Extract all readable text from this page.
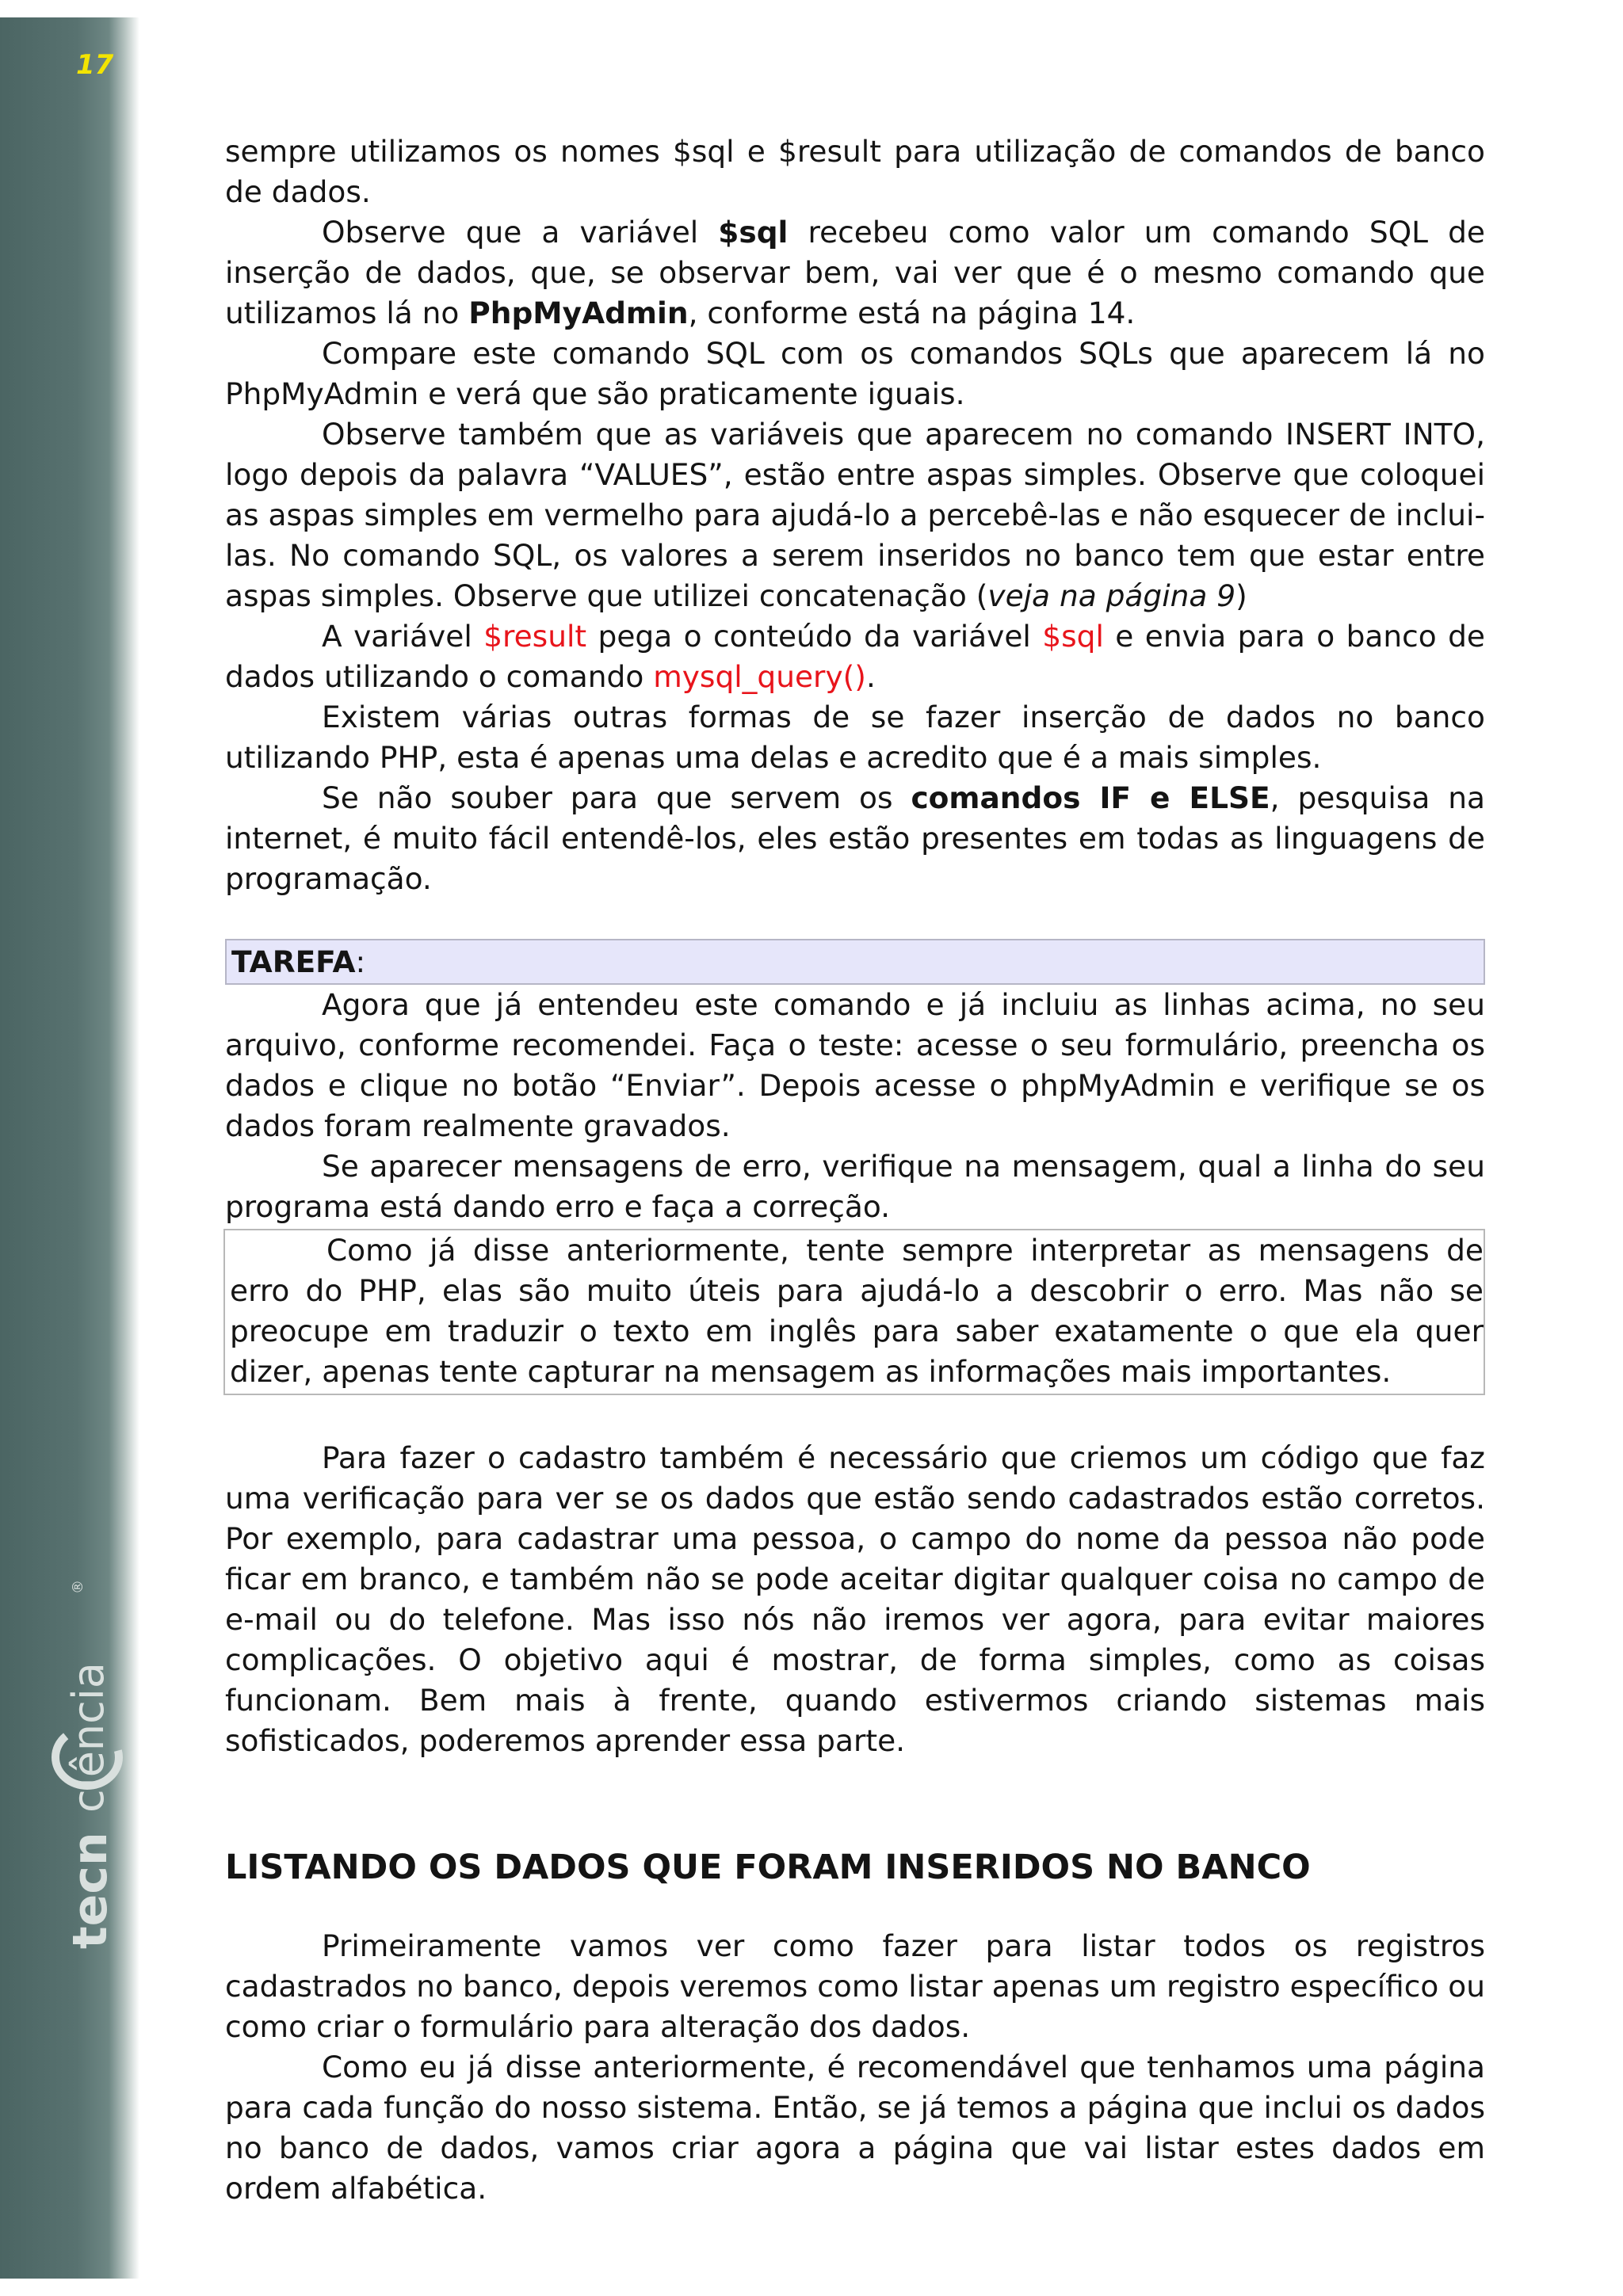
17
tecn
ciência
®

sempre utilizamos os nomes $sql e $result para utilização de comandos de banco de dados.

Observe que a variável $sql recebeu como valor um comando SQL de inserção de dados, que, se observar bem, vai ver que é o mesmo comando que utilizamos lá no PhpMyAdmin, conforme está na página 14.

Compare este comando SQL com os comandos SQLs que aparecem lá no PhpMyAdmin e verá que são praticamente iguais.

Observe também que as variáveis que aparecem no comando INSERT INTO, logo depois da palavra “VALUES”, estão entre aspas simples. Observe que coloquei as aspas simples em vermelho para ajudá-lo a percebê-las e não esquecer de inclui-las. No comando SQL, os valores a serem inseridos no banco tem que estar entre aspas simples. Observe que utilizei concatenação (veja na página 9)

A variável $result pega o conteúdo da variável $sql e envia para o banco de dados utilizando o comando mysql_query().

Existem várias outras formas de se fazer inserção de dados no banco utilizando PHP, esta é apenas uma delas e acredito que é a mais simples.

Se não souber para que servem os comandos IF e ELSE, pesquisa na internet, é muito fácil entendê-los, eles estão presentes em todas as linguagens de programação.

TAREFA:

Agora que já entendeu este comando e já incluiu as linhas acima, no seu arquivo, conforme recomendei. Faça o teste: acesse o seu formulário, preencha os dados e clique no botão “Enviar”. Depois acesse o phpMyAdmin e verifique se os dados foram realmente gravados.

Se aparecer mensagens de erro, verifique na mensagem, qual a linha do seu programa está dando erro e faça a correção.

Como já disse anteriormente, tente sempre interpretar as mensagens de erro do PHP, elas são muito úteis para ajudá-lo a descobrir o erro. Mas não se preocupe em traduzir o texto em inglês para saber exatamente o que ela quer dizer, apenas tente capturar na mensagem as informações mais importantes.

Para fazer o cadastro também é necessário que criemos um código que faz uma verificação para ver se os dados que estão sendo cadastrados estão corretos. Por exemplo, para cadastrar uma pessoa, o campo do nome da pessoa não pode ficar em branco, e também não se pode aceitar digitar qualquer coisa no campo de e-mail ou do telefone. Mas isso nós não iremos ver agora, para evitar maiores complicações. O objetivo aqui é mostrar, de forma simples, como as coisas funcionam. Bem mais à frente, quando estivermos criando sistemas mais sofisticados, poderemos aprender essa parte.

LISTANDO OS DADOS QUE FORAM INSERIDOS NO BANCO

Primeiramente vamos ver como fazer para listar todos os registros cadastrados no banco, depois veremos como listar apenas um registro específico ou como criar o formulário para alteração dos dados.

Como eu já disse anteriormente, é recomendável que tenhamos uma página para cada função do nosso sistema. Então, se já temos a página que inclui os dados no banco de dados, vamos criar agora a página que vai listar estes dados em ordem alfabética.
